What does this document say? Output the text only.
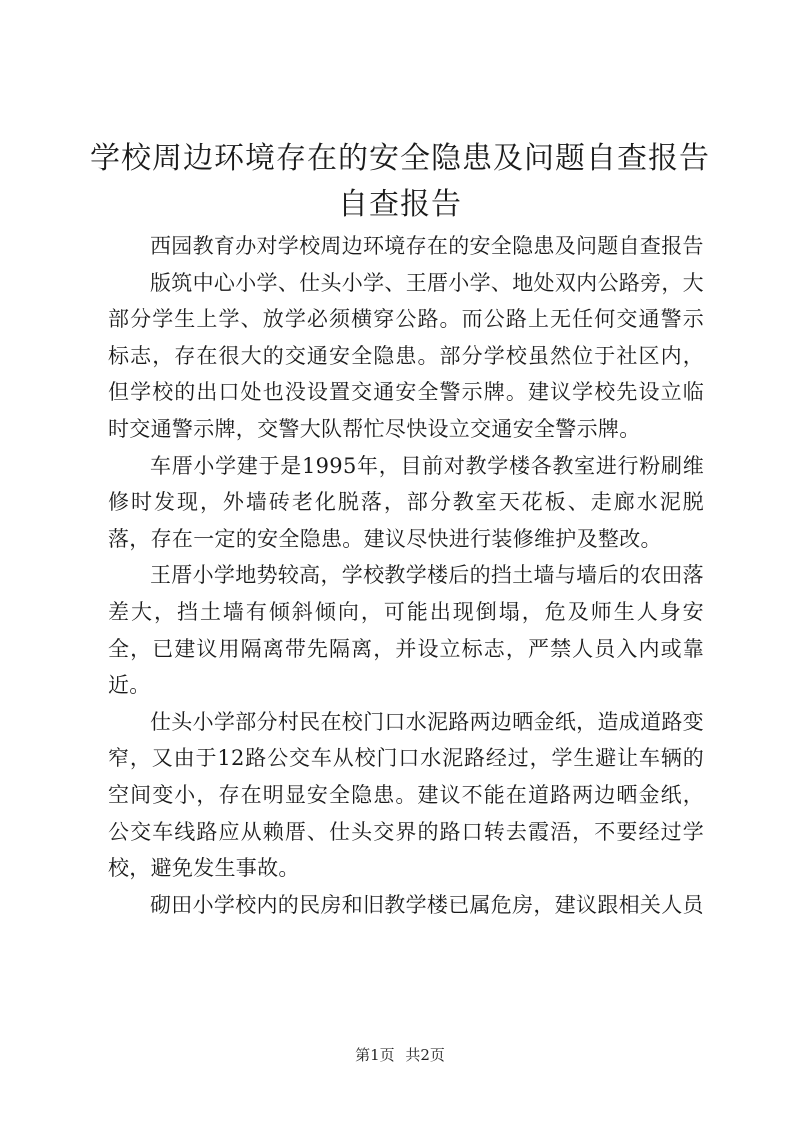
学校周边环境存在的安全隐患及问题自查报告
自查报告

西园教育办对学校周边环境存在的安全隐患及问题自查报告

版筑中心小学、仕头小学、王厝小学、地处双内公路旁，大部分学生上学、放学必须横穿公路。而公路上无任何交通警示标志，存在很大的交通安全隐患。部分学校虽然位于社区内，但学校的出口处也没设置交通安全警示牌。建议学校先设立临时交通警示牌，交警大队帮忙尽快设立交通安全警示牌。

车厝小学建于是1995年，目前对教学楼各教室进行粉刷维修时发现，外墙砖老化脱落，部分教室天花板、走廊水泥脱落，存在一定的安全隐患。建议尽快进行装修维护及整改。

王厝小学地势较高，学校教学楼后的挡土墙与墙后的农田落差大，挡土墙有倾斜倾向，可能出现倒塌，危及师生人身安全，已建议用隔离带先隔离，并设立标志，严禁人员入内或靠近。

仕头小学部分村民在校门口水泥路两边晒金纸，造成道路变窄，又由于12路公交车从校门口水泥路经过，学生避让车辆的空间变小，存在明显安全隐患。建议不能在道路两边晒金纸，公交车线路应从赖厝、仕头交界的路口转去霞浯，不要经过学校，避免发生事故。

砌田小学校内的民房和旧教学楼已属危房，建议跟相关人员

第1页 共2页
